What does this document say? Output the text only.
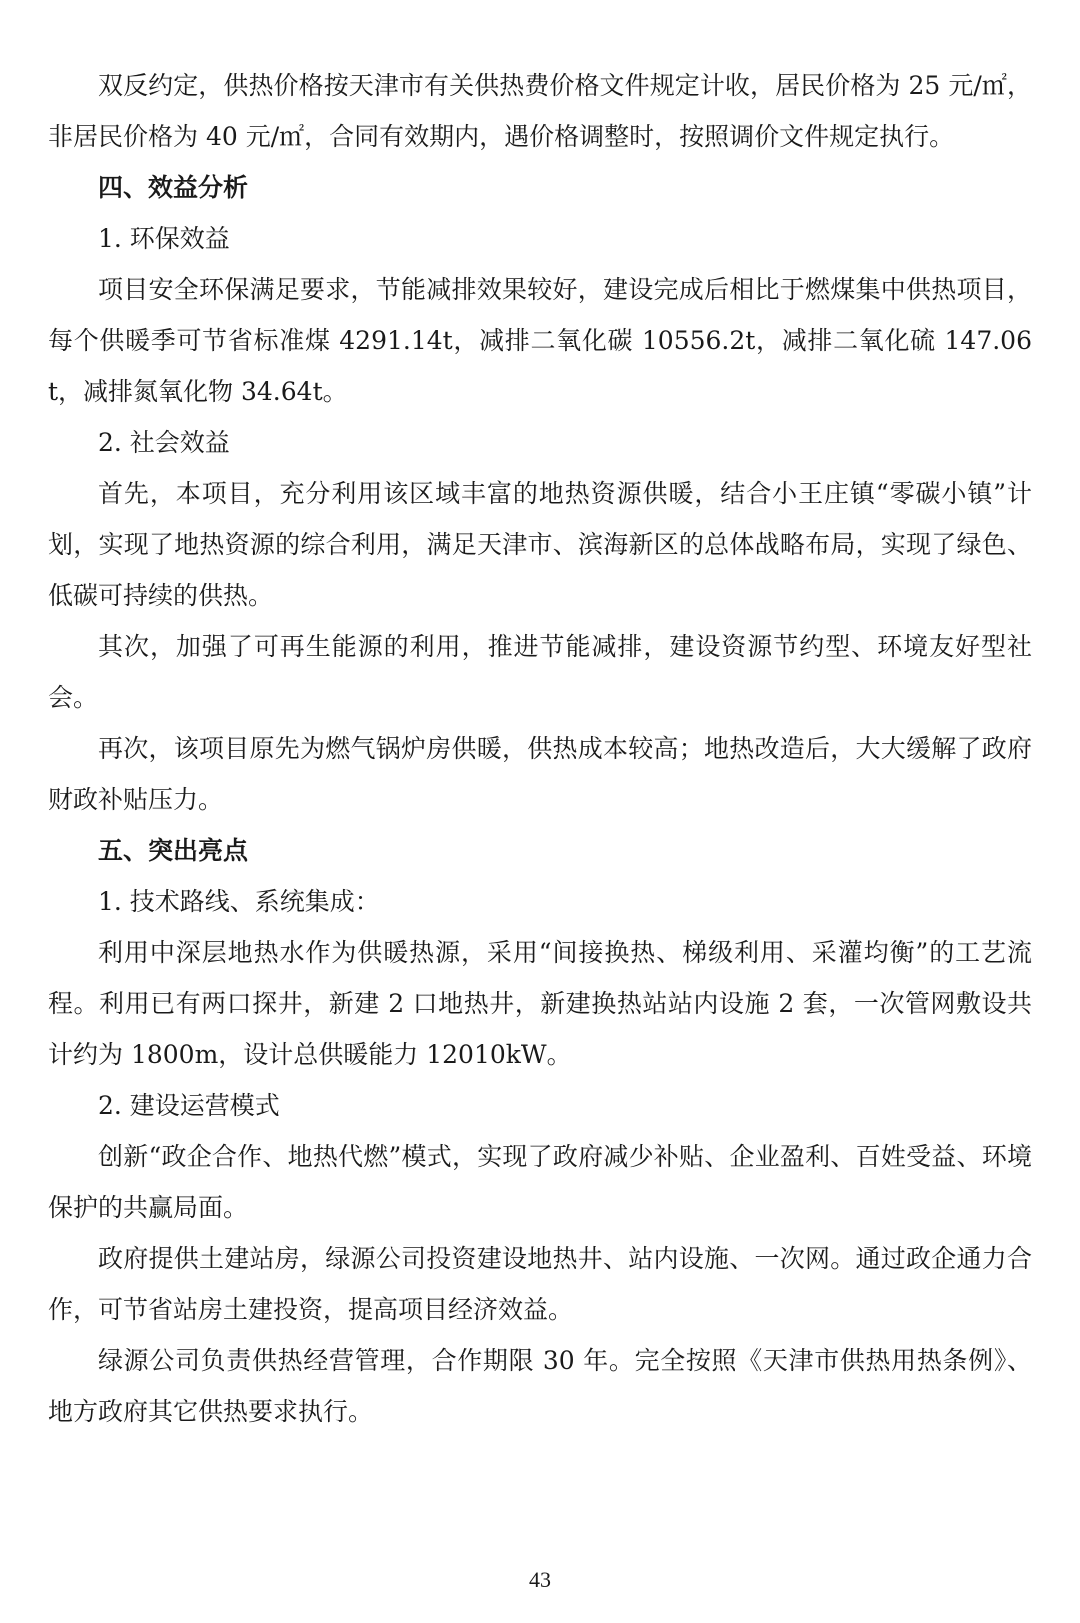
双反约定，供热价格按天津市有关供热费价格文件规定计收，居民价格为 25 元/㎡，非居民价格为 40 元/㎡，合同有效期内，遇价格调整时，按照调价文件规定执行。

四、效益分析

1. 环保效益

项目安全环保满足要求，节能减排效果较好，建设完成后相比于燃煤集中供热项目，每个供暖季可节省标准煤 4291.14t，减排二氧化碳 10556.2t，减排二氧化硫 147.06t，减排氮氧化物 34.64t。

2. 社会效益

首先，本项目，充分利用该区域丰富的地热资源供暖，结合小王庄镇“零碳小镇”计划，实现了地热资源的综合利用，满足天津市、滨海新区的总体战略布局，实现了绿色、低碳可持续的供热。

其次，加强了可再生能源的利用，推进节能减排，建设资源节约型、环境友好型社会。

再次，该项目原先为燃气锅炉房供暖，供热成本较高；地热改造后，大大缓解了政府财政补贴压力。

五、突出亮点

1. 技术路线、系统集成：

利用中深层地热水作为供暖热源，采用“间接换热、梯级利用、采灌均衡”的工艺流程。利用已有两口探井，新建 2 口地热井，新建换热站站内设施 2 套，一次管网敷设共计约为 1800m，设计总供暖能力 12010kW。

2. 建设运营模式

创新“政企合作、地热代燃”模式，实现了政府减少补贴、企业盈利、百姓受益、环境保护的共赢局面。

政府提供土建站房，绿源公司投资建设地热井、站内设施、一次网。通过政企通力合作，可节省站房土建投资，提高项目经济效益。

绿源公司负责供热经营管理，合作期限 30 年。完全按照《天津市供热用热条例》、地方政府其它供热要求执行。

43
